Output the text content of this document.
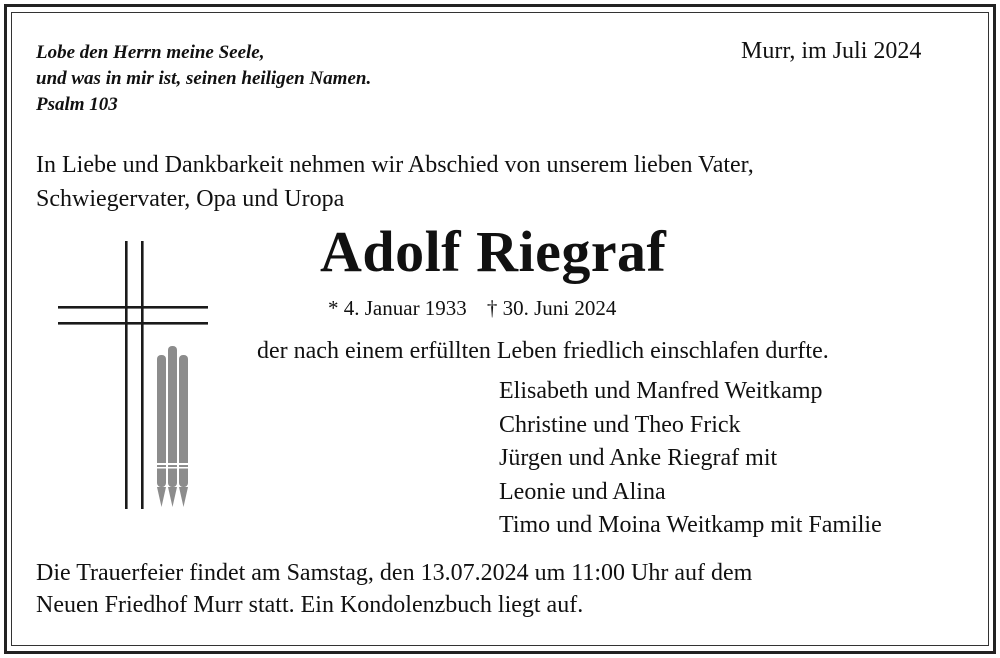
Lobe den Herrn meine Seele,
und was in mir ist, seinen heiligen Namen.
Psalm 103

Murr, im Juli 2024

In Liebe und Dankbarkeit nehmen wir Abschied von unserem lieben Vater,
Schwiegervater, Opa und Uropa

Adolf Riegraf

* 4. Januar 1933 † 30. Juni 2024

der nach einem erfüllten Leben friedlich einschlafen durfte.

Elisabeth und Manfred Weitkamp
Christine und Theo Frick
Jürgen und Anke Riegraf mit
Leonie und Alina
Timo und Moina Weitkamp mit Familie
Die Trauerfeier findet am Samstag, den 13.07.2024 um 11:00 Uhr auf dem
Neuen Friedhof Murr statt. Ein Kondolenzbuch liegt auf.
